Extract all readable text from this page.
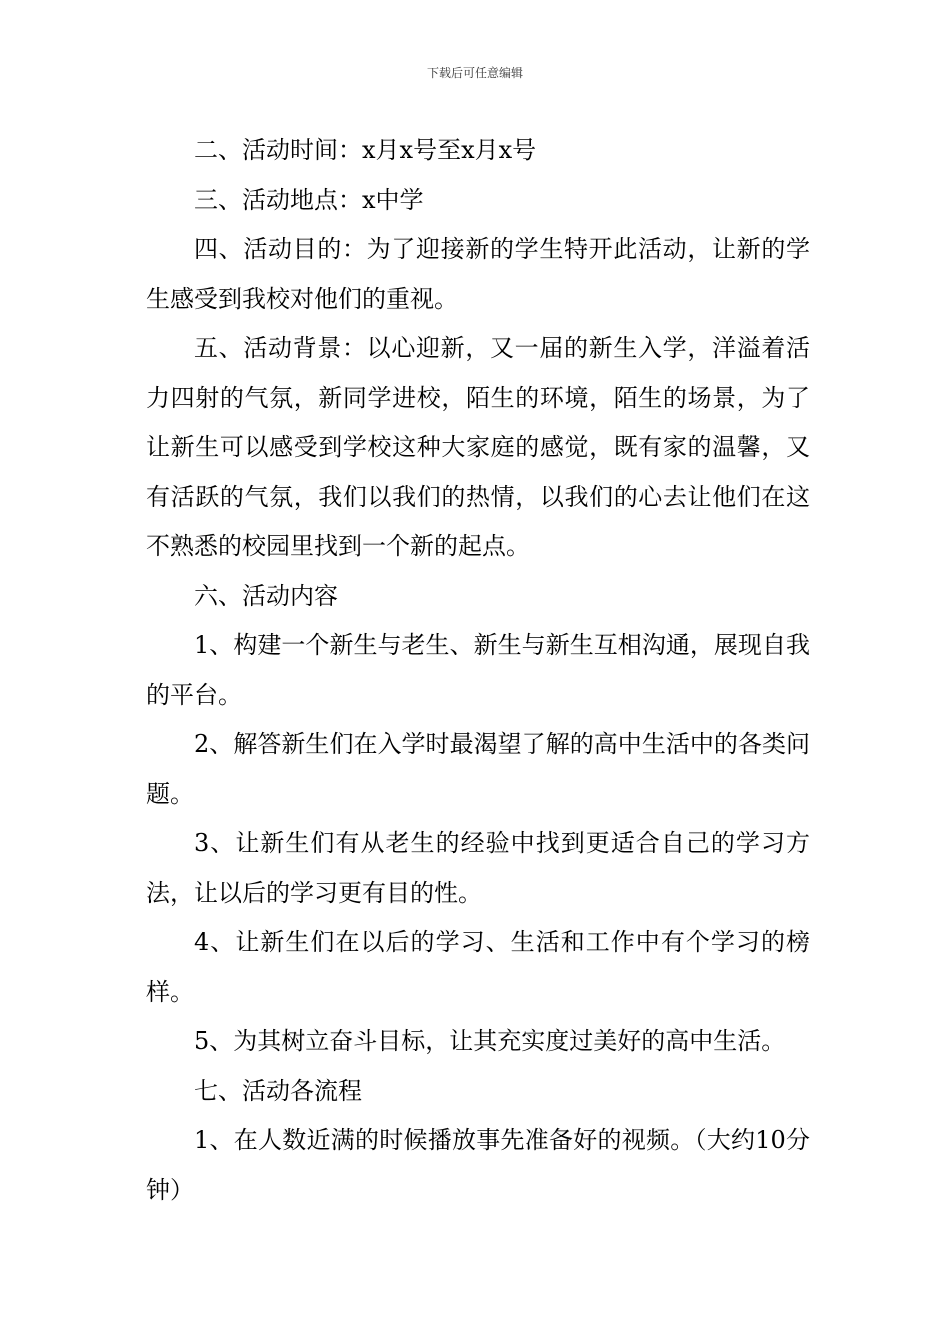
下载后可任意编辑

二、活动时间：x月x号至x月x号

三、活动地点：x中学

四、活动目的：为了迎接新的学生特开此活动，让新的学生感受到我校对他们的重视。

五、活动背景：以心迎新，又一届的新生入学，洋溢着活力四射的气氛，新同学进校，陌生的环境，陌生的场景，为了让新生可以感受到学校这种大家庭的感觉，既有家的温馨，又有活跃的气氛，我们以我们的热情，以我们的心去让他们在这不熟悉的校园里找到一个新的起点。

六、活动内容

1、构建一个新生与老生、新生与新生互相沟通，展现自我的平台。

2、解答新生们在入学时最渴望了解的高中生活中的各类问题。

3、让新生们有从老生的经验中找到更适合自己的学习方法，让以后的学习更有目的性。

4、让新生们在以后的学习、生活和工作中有个学习的榜样。

5、为其树立奋斗目标，让其充实度过美好的高中生活。

七、活动各流程

1、在人数近满的时候播放事先准备好的视频。（大约10分钟）
